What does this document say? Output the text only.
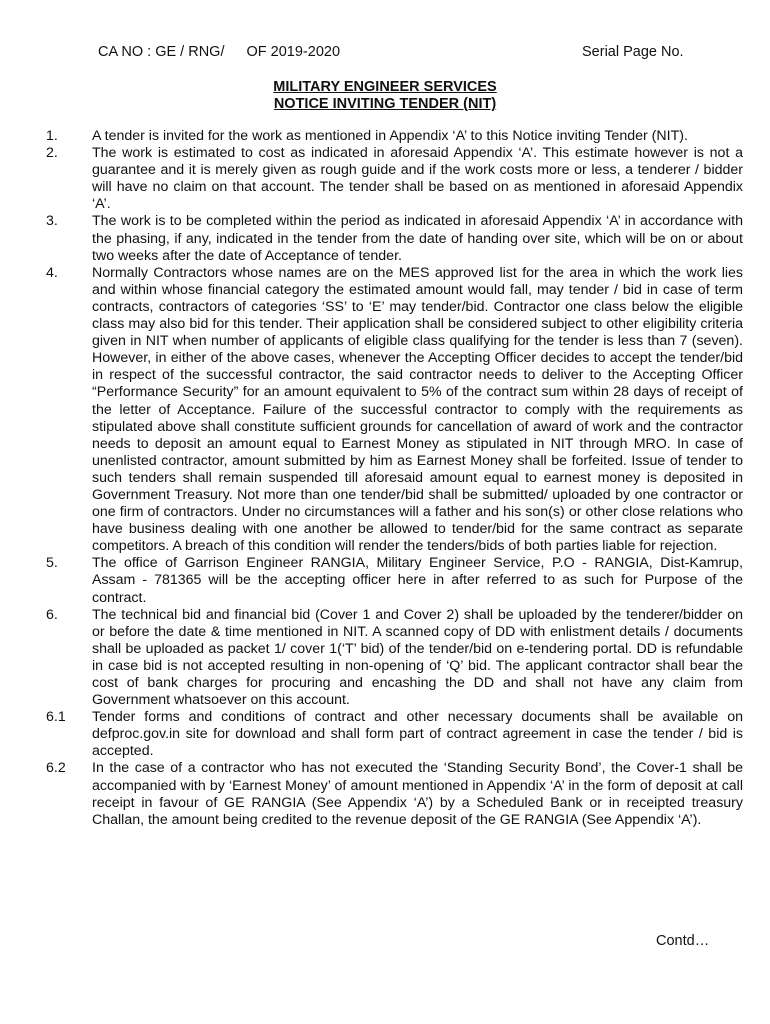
CA NO : GE / RNG/ OF 2019-2020	Serial Page No.
MILITARY ENGINEER SERVICES
NOTICE INVITING TENDER (NIT)
1.	A tender is invited for the work as mentioned in Appendix ‘A’ to this Notice inviting Tender (NIT).
2.	The work is estimated to cost as indicated in aforesaid Appendix ‘A’. This estimate however is not a guarantee and it is merely given as rough guide and if the work costs more or less, a tenderer / bidder will have no claim on that account. The tender shall be based on as mentioned in aforesaid Appendix ‘A’.
3.	The work is to be completed within the period as indicated in aforesaid Appendix ‘A’ in accordance with the phasing, if any, indicated in the tender from the date of handing over site, which will be on or about two weeks after the date of Acceptance of tender.
4.	Normally Contractors whose names are on the MES approved list for the area in which the work lies and within whose financial category the estimated amount would fall, may tender / bid in case of term contracts, contractors of categories ‘SS’ to ‘E’ may tender/bid. Contractor one class below the eligible class may also bid for this tender. Their application shall be considered subject to other eligibility criteria given in NIT when number of applicants of eligible class qualifying for the tender is less than 7 (seven). However, in either of the above cases, whenever the Accepting Officer decides to accept the tender/bid in respect of the successful contractor, the said contractor needs to deliver to the Accepting Officer “Performance Security” for an amount equivalent to 5% of the contract sum within 28 days of receipt of the letter of Acceptance. Failure of the successful contractor to comply with the requirements as stipulated above shall constitute sufficient grounds for cancellation of award of work and the contractor needs to deposit an amount equal to Earnest Money as stipulated in NIT through MRO. In case of unenlisted contractor, amount submitted by him as Earnest Money shall be forfeited. Issue of tender to such tenders shall remain suspended till aforesaid amount equal to earnest money is deposited in Government Treasury. Not more than one tender/bid shall be submitted/ uploaded by one contractor or one firm of contractors. Under no circumstances will a father and his son(s) or other close relations who have business dealing with one another be allowed to tender/bid for the same contract as separate competitors. A breach of this condition will render the tenders/bids of both parties liable for rejection.
5.	The office of Garrison Engineer RANGIA, Military Engineer Service, P.O - RANGIA, Dist-Kamrup, Assam - 781365 will be the accepting officer here in after referred to as such for Purpose of the contract.
6.	The technical bid and financial bid (Cover 1 and Cover 2) shall be uploaded by the tenderer/bidder on or before the date & time mentioned in NIT. A scanned copy of DD with enlistment details / documents shall be uploaded as packet 1/ cover 1(‘T’ bid) of the tender/bid on e-tendering portal. DD is refundable in case bid is not accepted resulting in non-opening of ‘Q’ bid. The applicant contractor shall bear the cost of bank charges for procuring and encashing the DD and shall not have any claim from Government whatsoever on this account.
6.1	Tender forms and conditions of contract and other necessary documents shall be available on defproc.gov.in site for download and shall form part of contract agreement in case the tender / bid is accepted.
6.2	In the case of a contractor who has not executed the ‘Standing Security Bond’, the Cover-1 shall be accompanied with by ‘Earnest Money’ of amount mentioned in Appendix ‘A’ in the form of deposit at call receipt in favour of GE RANGIA (See Appendix ‘A’) by a Scheduled Bank or in receipted treasury Challan, the amount being credited to the revenue deposit of the GE RANGIA (See Appendix ‘A’).
Contd…
